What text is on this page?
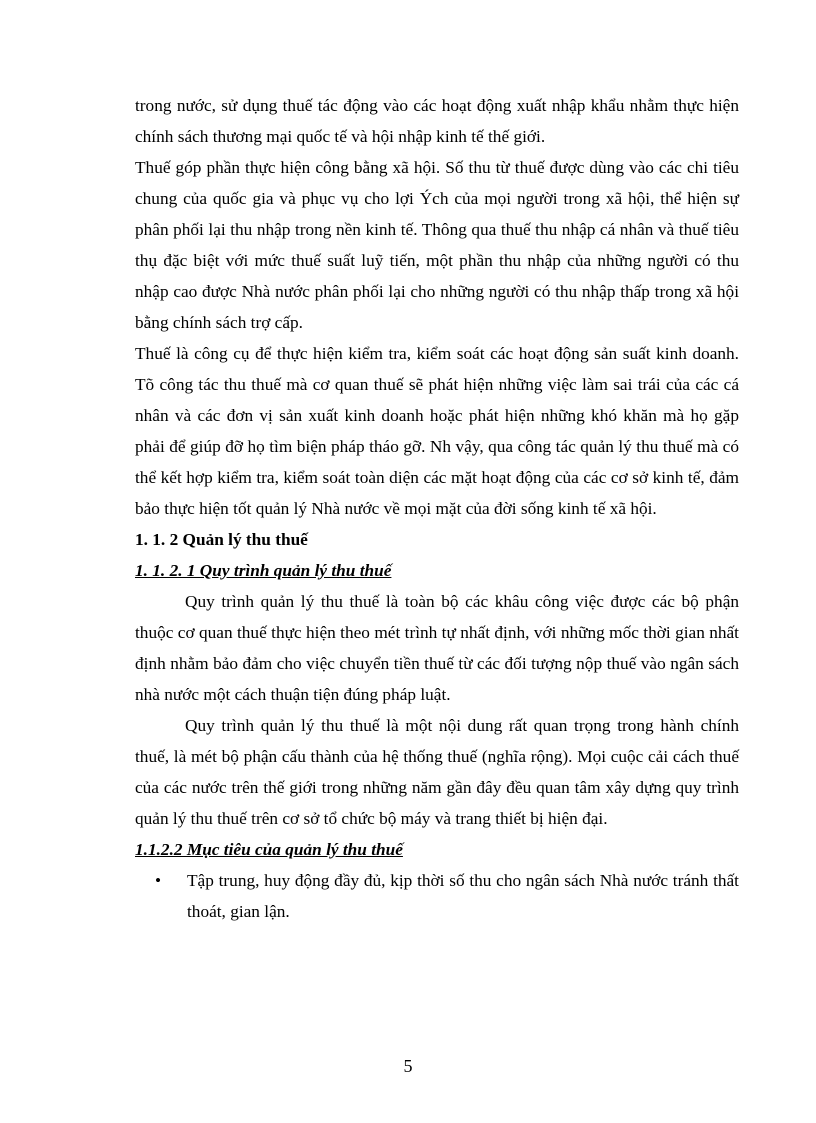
trong nước, sử dụng thuế tác động vào các hoạt động xuất nhập khẩu nhằm thực hiện chính sách thương mại quốc tế và hội nhập kinh tế thế giới.

Thuế góp phần thực hiện công bằng xã hội. Số thu từ thuế được dùng vào các chi tiêu chung của quốc gia và phục vụ cho lợi Ých của mọi người trong xã hội, thể hiện sự phân phối lại thu nhập trong nền kinh tế. Thông qua thuế thu nhập cá nhân và thuế tiêu thụ đặc biệt với mức thuế suất luỹ tiến, một phần thu nhập của những người có thu nhập cao được Nhà nước phân phối lại cho những người có thu nhập thấp trong xã hội bằng chính sách trợ cấp.

Thuế là công cụ để thực hiện kiểm tra, kiểm soát các hoạt động sản suất kinh doanh. Tõ công tác thu thuế mà cơ quan thuế sẽ phát hiện những việc làm sai trái của các cá nhân và các đơn vị sản xuất kinh doanh hoặc phát hiện những khó khăn mà họ gặp phải để giúp đỡ họ tìm biện pháp tháo gỡ. Nh vậy, qua công tác quản lý thu thuế mà có thể kết hợp kiểm tra, kiểm soát toàn diện các mặt hoạt động của các cơ sở kinh tế, đảm bảo thực hiện tốt quản lý Nhà nước về mọi mặt của đời sống kinh tế xã hội.

1. 1. 2 Quản lý thu thuế

1. 1. 2. 1 Quy trình quản lý thu thuế

Quy trình quản lý thu thuế là toàn bộ các khâu công việc được các bộ phận thuộc cơ quan thuế thực hiện theo mét trình tự nhất định, với những mốc thời gian nhất định nhằm bảo đảm cho việc chuyển tiền thuế từ các đối tượng nộp thuế vào ngân sách nhà nước một cách thuận tiện đúng pháp luật.

Quy trình quản lý thu thuế là một nội dung rất quan trọng trong hành chính thuế, là mét bộ phận cấu thành của hệ thống thuế (nghĩa rộng). Mọi cuộc cải cách thuế của các nước trên thế giới trong những năm gần đây đều quan tâm xây dựng quy trình quản lý thu thuế trên cơ sở tổ chức bộ máy và trang thiết bị hiện đại.

1.1.2.2 Mục tiêu của quản lý thu thuế

• Tập trung, huy động đầy đủ, kịp thời số thu cho ngân sách Nhà nước tránh thất thoát, gian lận.

5
